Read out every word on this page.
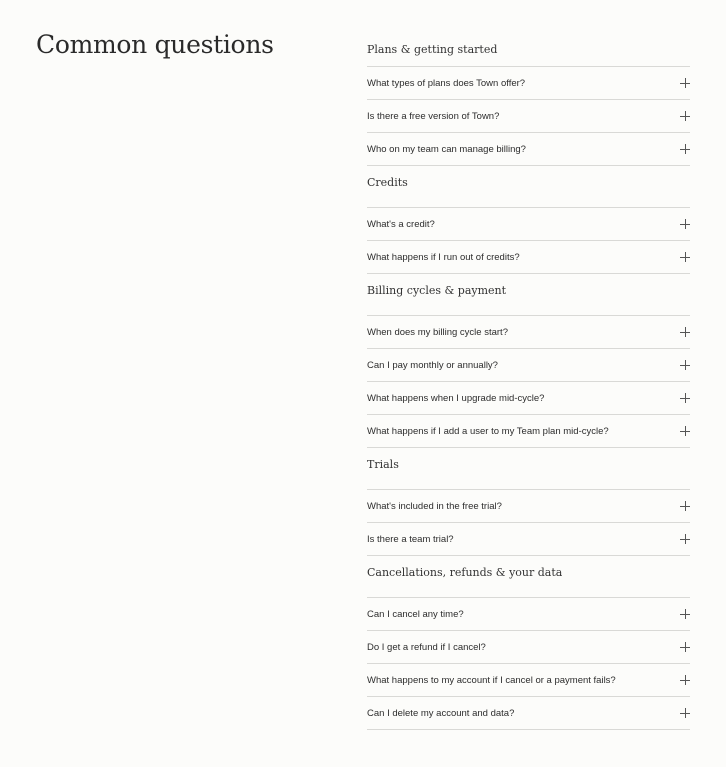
Common questions	Plans & getting started
What types of plans does Town offer?
Is there a free version of Town?
Who on my team can manage billing?
Credits
What's a credit?
What happens if I run out of credits?
Billing cycles & payment
When does my billing cycle start?
Can I pay monthly or annually?
What happens when I upgrade mid-cycle?
What happens if I add a user to my Team plan mid-cycle?
Trials
What's included in the free trial?
Is there a team trial?
Cancellations, refunds & your data
Can I cancel any time?
Do I get a refund if I cancel?
What happens to my account if I cancel or a payment fails?
Can I delete my account and data?
